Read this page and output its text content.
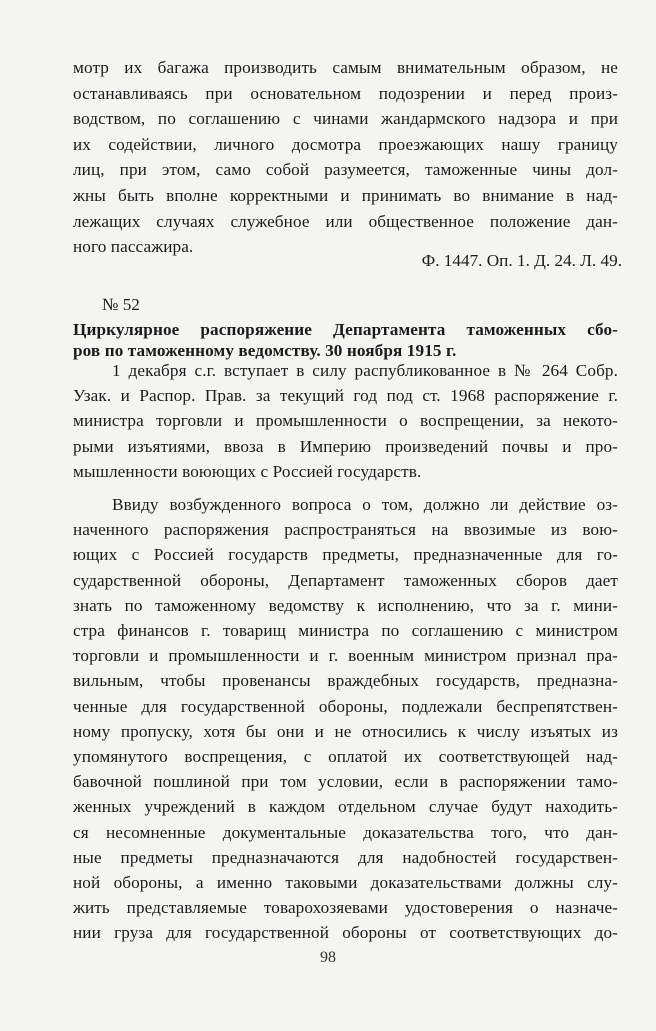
мотр их багажа производить самым внимательным образом, не
останавливаясь при основательном подозрении и перед произ-
водством, по соглашению с чинами жандармского надзора и при
их содействии, личного досмотра проезжающих нашу границу
лиц, при этом, само собой разумеется, таможенные чины дол-
жны быть вполне корректными и принимать во внимание в над-
лежащих случаях служебное или общественное положение дан-
ного пассажира.
Ф. 1447. Оп. 1. Д. 24. Л. 49.
№ 52
Циркулярное распоряжение Департамента таможенных сбо-
ров по таможенному ведомству. 30 ноября 1915 г.
1 декабря с.г. вступает в силу распубликованное в № 264 Собр.
Узак. и Распор. Прав. за текущий год под ст. 1968 распоряжение г.
министра торговли и промышленности о воспрещении, за некото-
рыми изъятиями, ввоза в Империю произведений почвы и про-
мышленности воюющих с Россией государств.
Ввиду возбужденного вопроса о том, должно ли действие оз-
наченного распоряжения распространяться на ввозимые из вою-
ющих с Россией государств предметы, предназначенные для го-
сударственной обороны, Департамент таможенных сборов дает
знать по таможенному ведомству к исполнению, что за г. мини-
стра финансов г. товарищ министра по соглашению с министром
торговли и промышленности и г. военным министром признал пра-
вильным, чтобы провенансы враждебных государств, предназна-
ченные для государственной обороны, подлежали беспрепятствен-
ному пропуску, хотя бы они и не относились к числу изъятых из
упомянутого воспрещения, с оплатой их соответствующей над-
бавочной пошлиной при том условии, если в распоряжении тамо-
женных учреждений в каждом отдельном случае будут находить-
ся несомненные документальные доказательства того, что дан-
ные предметы предназначаются для надобностей государствен-
ной обороны, а именно таковыми доказательствами должны слу-
жить представляемые товарохозяевами удостоверения о назначе-
нии груза для государственной обороны от соответствующих до-
98
